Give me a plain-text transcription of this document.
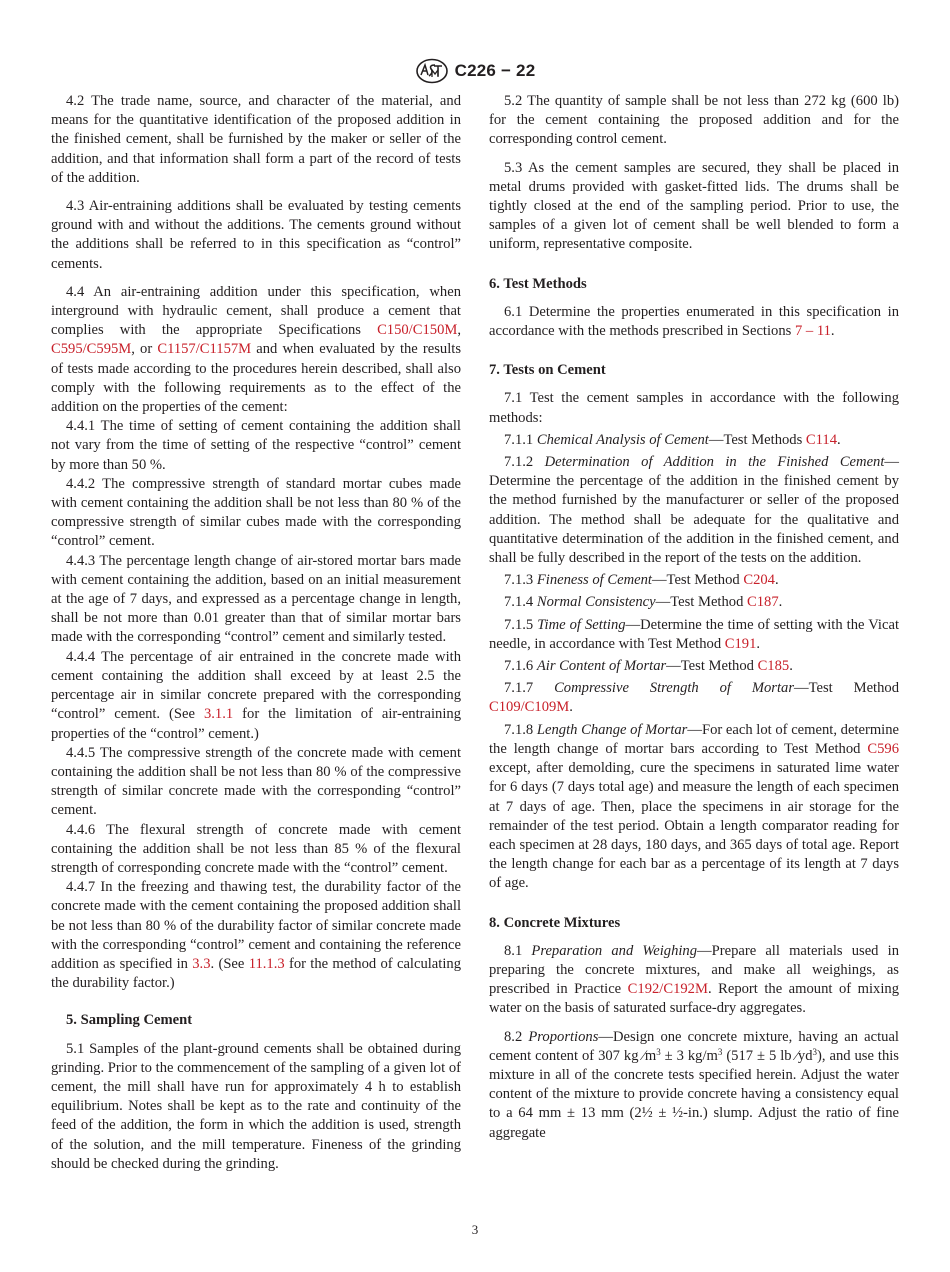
C226 − 22

4.2 The trade name, source, and character of the material, and means for the quantitative identification of the proposed addition in the finished cement, shall be furnished by the maker or seller of the addition, and that information shall form a part of the record of tests of the addition.

4.3 Air-entraining additions shall be evaluated by testing cements ground with and without the additions. The cements ground without the additions shall be referred to in this specification as “control” cements.

4.4 An air-entraining addition under this specification, when interground with hydraulic cement, shall produce a cement that complies with the appropriate Specifications C150/C150M, C595/C595M, or C1157/C1157M and when evaluated by the results of tests made according to the procedures herein described, shall also comply with the following requirements as to the effect of the addition on the properties of the cement:

4.4.1 The time of setting of cement containing the addition shall not vary from the time of setting of the respective “control” cement by more than 50 %.

4.4.2 The compressive strength of standard mortar cubes made with cement containing the addition shall be not less than 80 % of the compressive strength of similar cubes made with the corresponding “control” cement.

4.4.3 The percentage length change of air-stored mortar bars made with cement containing the addition, based on an initial measurement at the age of 7 days, and expressed as a percentage change in length, shall be not more than 0.01 greater than that of similar mortar bars made with the corresponding “control” cement and similarly tested.

4.4.4 The percentage of air entrained in the concrete made with cement containing the addition shall exceed by at least 2.5 the percentage air in similar concrete prepared with the corresponding “control” cement. (See 3.1.1 for the limitation of air-entraining properties of the “control” cement.)

4.4.5 The compressive strength of the concrete made with cement containing the addition shall be not less than 80 % of the compressive strength of similar concrete made with the corresponding “control” cement.

4.4.6 The flexural strength of concrete made with cement containing the addition shall be not less than 85 % of the flexural strength of corresponding concrete made with the “control” cement.

4.4.7 In the freezing and thawing test, the durability factor of the concrete made with the cement containing the proposed addition shall be not less than 80 % of the durability factor of similar concrete made with the corresponding “control” cement and containing the reference addition as specified in 3.3. (See 11.1.3 for the method of calculating the durability factor.)

5. Sampling Cement

5.1 Samples of the plant-ground cements shall be obtained during grinding. Prior to the commencement of the sampling of a given lot of cement, the mill shall have run for approximately 4 h to establish equilibrium. Notes shall be kept as to the rate and continuity of the feed of the addition, the form in which the addition is used, strength of the solution, and the mill temperature. Fineness of the grinding should be checked during the grinding.

5.2 The quantity of sample shall be not less than 272 kg (600 lb) for the cement containing the proposed addition and for the corresponding control cement.

5.3 As the cement samples are secured, they shall be placed in metal drums provided with gasket-fitted lids. The drums shall be tightly closed at the end of the sampling period. Prior to use, the samples of a given lot of cement shall be well blended to form a uniform, representative composite.

6. Test Methods

6.1 Determine the properties enumerated in this specification in accordance with the methods prescribed in Sections 7 – 11.

7. Tests on Cement

7.1 Test the cement samples in accordance with the following methods:

7.1.1 Chemical Analysis of Cement—Test Methods C114.

7.1.2 Determination of Addition in the Finished Cement—Determine the percentage of the addition in the finished cement by the method furnished by the manufacturer or seller of the proposed addition. The method shall be adequate for the qualitative and quantitative determination of the addition in the finished cement, and shall be fully described in the report of the tests on the addition.

7.1.3 Fineness of Cement—Test Method C204.

7.1.4 Normal Consistency—Test Method C187.

7.1.5 Time of Setting—Determine the time of setting with the Vicat needle, in accordance with Test Method C191.

7.1.6 Air Content of Mortar—Test Method C185.

7.1.7 Compressive Strength of Mortar—Test Method C109/C109M.

7.1.8 Length Change of Mortar—For each lot of cement, determine the length change of mortar bars according to Test Method C596 except, after demolding, cure the specimens in saturated lime water for 6 days (7 days total age) and measure the length of each specimen at 7 days of age. Then, place the specimens in air storage for the remainder of the test period. Obtain a length comparator reading for each specimen at 28 days, 180 days, and 365 days of total age. Report the length change for each bar as a percentage of its length at 7 days of age.

8. Concrete Mixtures

8.1 Preparation and Weighing—Prepare all materials used in preparing the concrete mixtures, and make all weighings, as prescribed in Practice C192/C192M. Report the amount of mixing water on the basis of saturated surface-dry aggregates.

8.2 Proportions—Design one concrete mixture, having an actual cement content of 307 kg $⁄m^3 \pm 3$ $kg/m^3$ (517 ± 5 lb $⁄yd^3$), and use this mixture in all of the concrete tests specified herein. Adjust the water content of the mixture to provide concrete having a consistency equal to a 64 mm ± 13 mm (2½ ± ½-in.) slump. Adjust the ratio of fine aggregate

3
